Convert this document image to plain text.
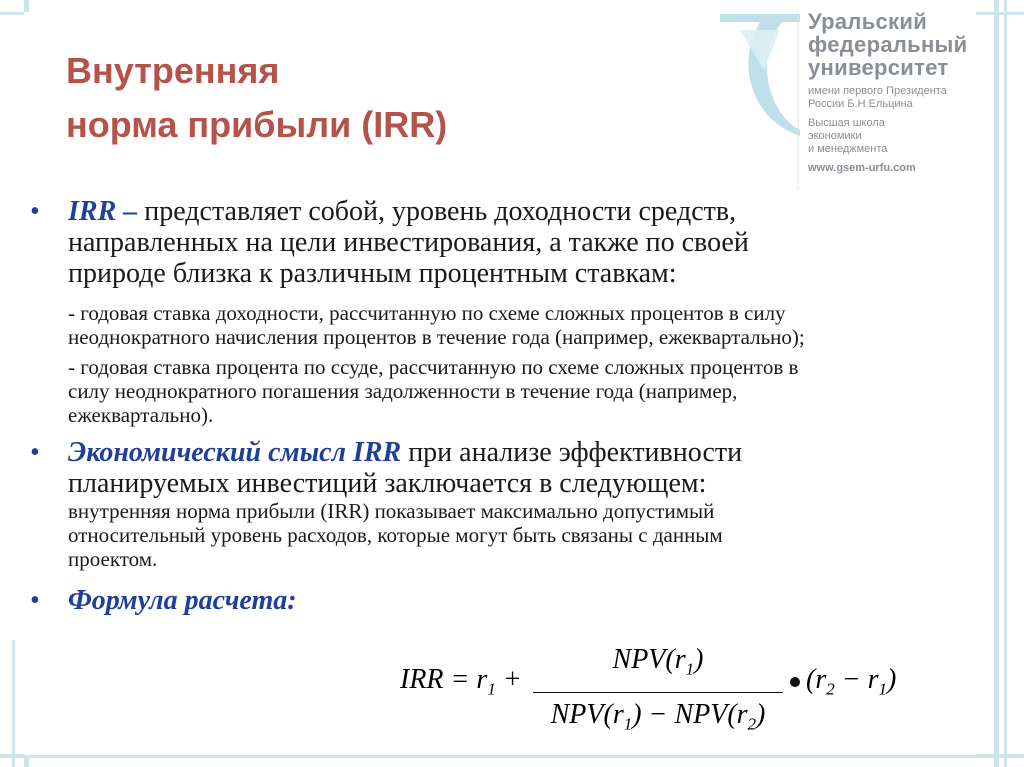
Внутренняя
норма прибыли (IRR)
Уральский
федеральный
университет
имени первого Президента
России Б.Н.Ельцина
Высшая школа
экономики
и менеджмента
www.gsem-urfu.com
• IRR – представляет собой, уровень доходности средств,
направленных на цели инвестирования, а также по своей
природе близка к различным процентным ставкам:
- годовая ставка доходности, рассчитанную по схеме сложных процентов в силу
неоднократного начисления процентов в течение года (например, ежеквартально);
- годовая ставка процента по ссуде, рассчитанную по схеме сложных процентов в
силу неоднократного погашения задолженности в течение года (например,
ежеквартально).
• Экономический смысл IRR при анализе эффективности
планируемых инвестиций заключается в следующем:
внутренняя норма прибыли (IRR) показывает максимально допустимый
относительный уровень расходов, которые могут быть связаны с данным
проектом.
• Формула расчета:
IRR = $r_1$ +
$NPV(r_1)$
$NPV(r_1) - NPV(r_2)$
$(r_2 - r_1)$
